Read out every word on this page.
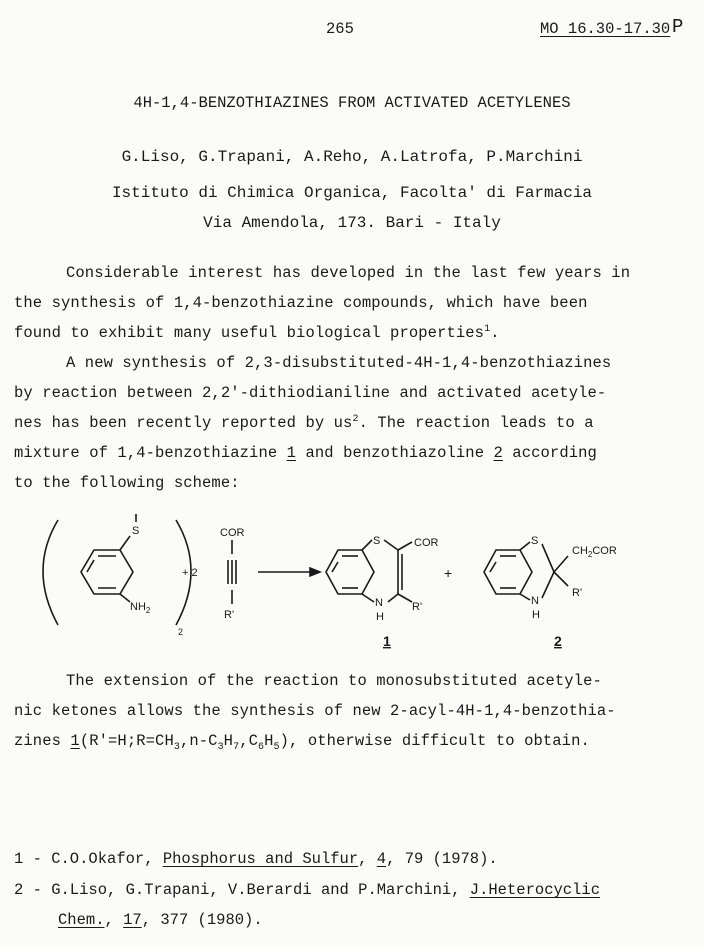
265	MO 16.30-17.30 P
4H-1,4-BENZOTHIAZINES FROM ACTIVATED ACETYLENES
G.Liso, G.Trapani, A.Reho, A.Latrofa, P.Marchini
Istituto di Chimica Organica, Facolta' di Farmacia
Via Amendola, 173. Bari - Italy
Considerable interest has developed in the last few years in
the synthesis of 1,4-benzothiazine compounds, which have been
found to exhibit many useful biological properties$^1$.
A new synthesis of 2,3-disubstituted-4H-1,4-benzothiazines
by reaction between 2,2'-dithiodianiline and activated acetyle-
nes has been recently reported by $us^2$. The reaction leads to a
mixture of 1,4-benzothiazine 1 and benzothiazoline 2 according
to the following scheme:
S
$NH_2$
2
+ 2
COR
R'
S	COR
N
H
R'
1
+
S
$CH_2COR$
N
H
R'
2
The extension of the reaction to monosubstituted acetyle-
nic ketones allows the synthesis of new 2-acyl-4H-1,4-benzothia-
zines $1(R'=H;R=CH_3,n-C_3H_7,C_6H_5)$, otherwise difficult to obtain.
1 - C.O.Okafor, Phosphorus and Sulfur, 4, 79 (1978).
2 - G.Liso, G.Trapani, V.Berardi and P.Marchini, J.Heterocyclic
Chem., 17, 377 (1980).
